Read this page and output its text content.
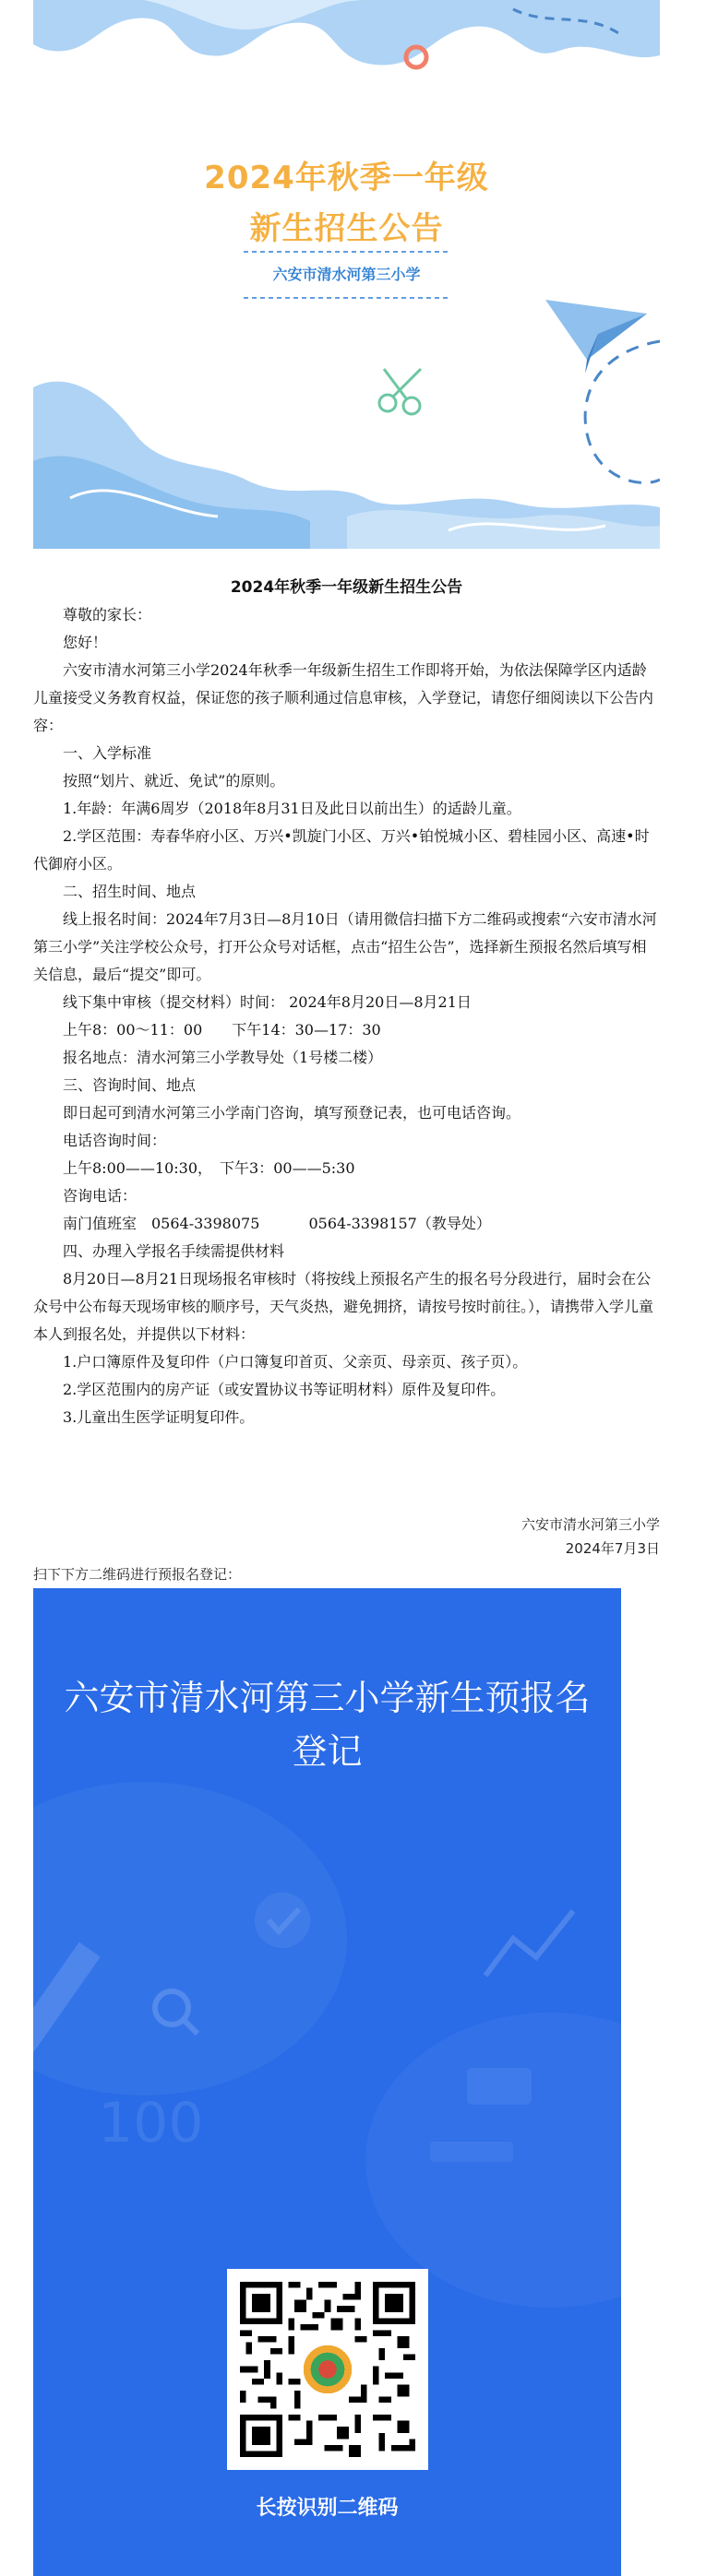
2024年秋季一年级
新生招生公告
六安市清水河第三小学
2024年秋季一年级新生招生公告

尊敬的家长：

您好！

六安市清水河第三小学2024年秋季一年级新生招生工作即将开始，为依法保障学区内适龄儿童接受义务教育权益，保证您的孩子顺利通过信息审核，入学登记，请您仔细阅读以下公告内容：

一、入学标准

按照“划片、就近、免试”的原则。

1.年龄：年满6周岁（2018年8月31日及此日以前出生）的适龄儿童。

2.学区范围：寿春华府小区、万兴•凯旋门小区、万兴•铂悦城小区、碧桂园小区、高速•时代御府小区。

二、招生时间、地点

线上报名时间：2024年7月3日—8月10日（请用微信扫描下方二维码或搜索“六安市清水河第三小学”关注学校公众号，打开公众号对话框，点击“招生公告”，选择新生预报名然后填写相关信息，最后“提交”即可。

线下集中审核（提交材料）时间： 2024年8月20日—8月21日

上午8：00～11：00　　下午14：30—17：30

报名地点：清水河第三小学教导处（1号楼二楼）

三、咨询时间、地点

即日起可到清水河第三小学南门咨询，填写预登记表，也可电话咨询。

电话咨询时间：

上午8:00——10:30，　下午3：00——5:30

咨询电话：

南门值班室　0564-3398075　　　 0564-3398157（教导处）

四、办理入学报名手续需提供材料

8月20日—8月21日现场报名审核时（将按线上预报名产生的报名号分段进行，届时会在公众号中公布每天现场审核的顺序号，天气炎热，避免拥挤，请按号按时前往。），请携带入学儿童本人到报名处，并提供以下材料：

1.户口簿原件及复印件（户口簿复印首页、父亲页、母亲页、孩子页）。

2.学区范围内的房产证（或安置协议书等证明材料）原件及复印件。

3.儿童出生医学证明复印件。

六安市清水河第三小学
2024年7月3日
扫下下方二维码进行预报名登记：
100
六安市清水河第三小学新生预报名登记
长按识别二维码
